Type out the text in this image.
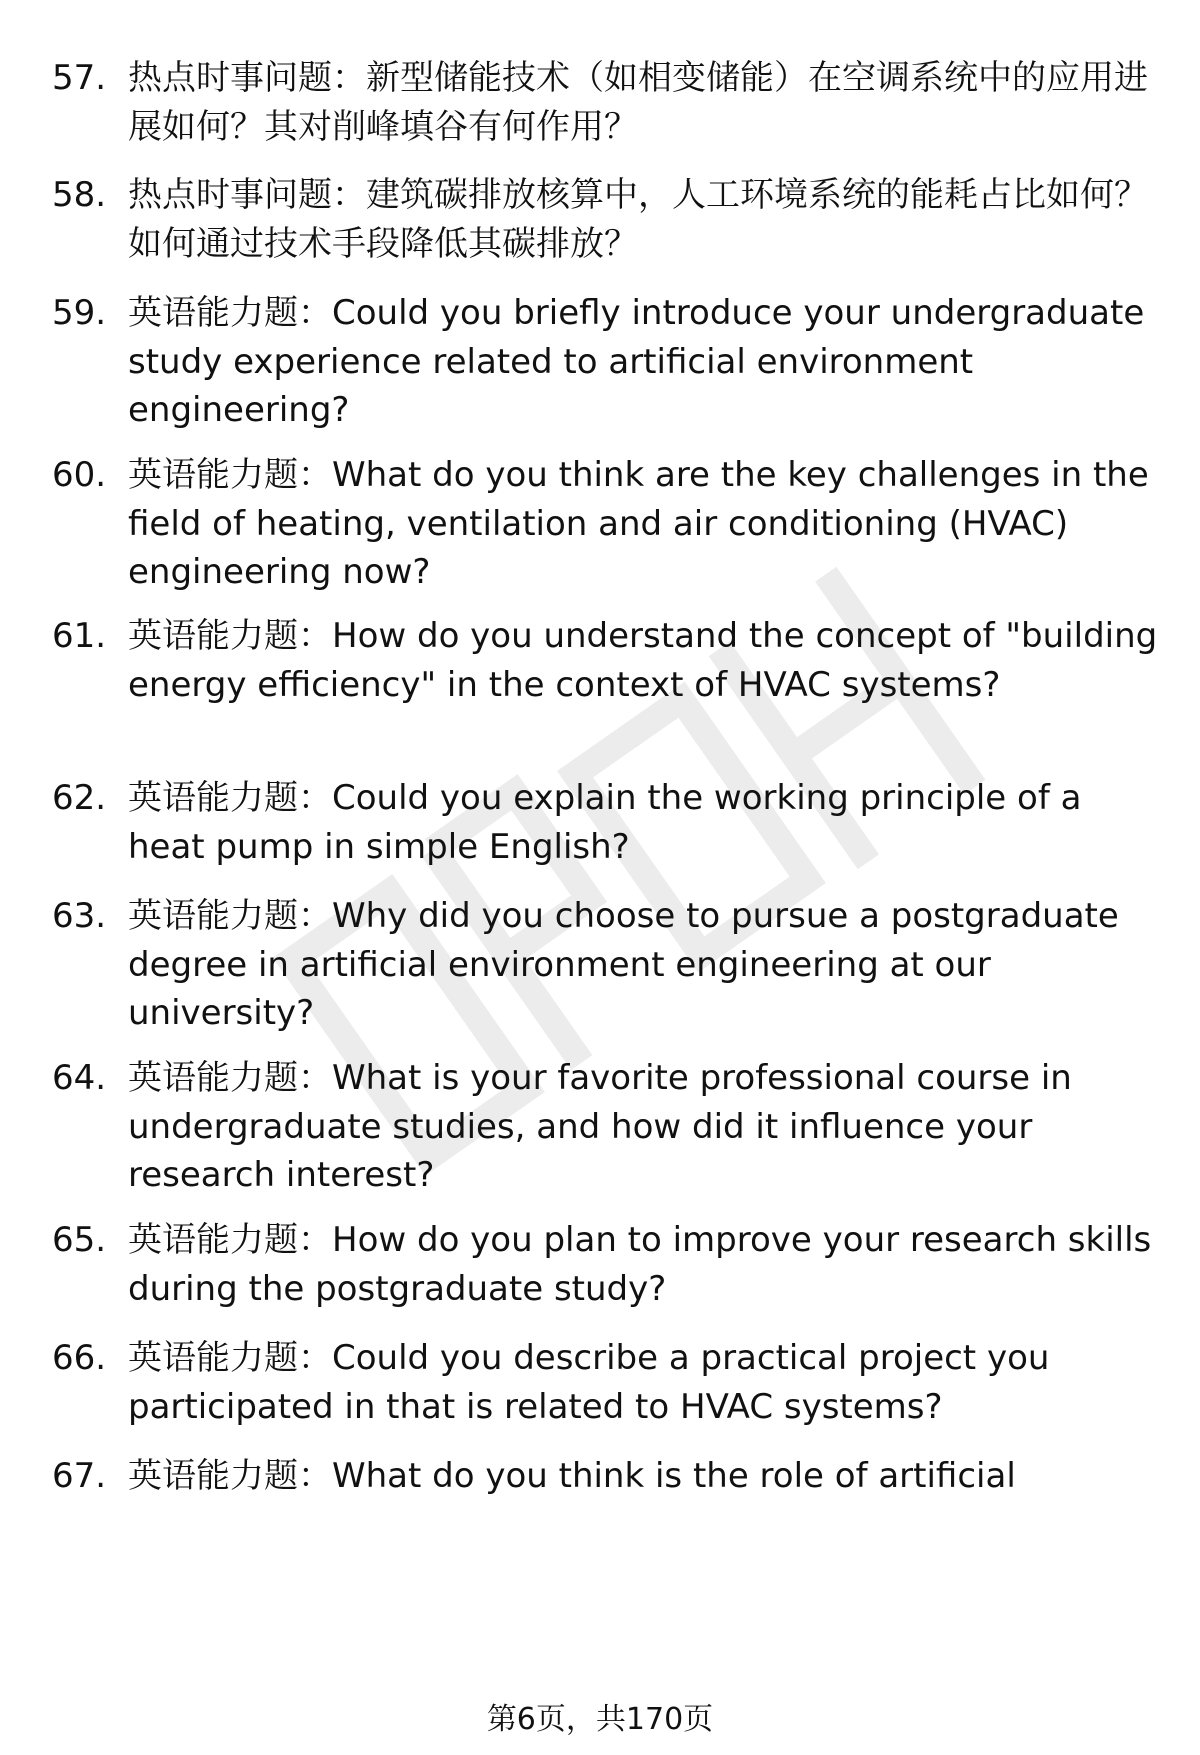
57. 热点时事问题：新型储能技术（如相变储能）在空调系统中的应用进展如何？其对削峰填谷有何作用？
58. 热点时事问题：建筑碳排放核算中，人工环境系统的能耗占比如何？如何通过技术手段降低其碳排放？
59. 英语能力题：Could you briefly introduce your undergraduate study experience related to artificial environment engineering?
60. 英语能力题：What do you think are the key challenges in the field of heating, ventilation and air conditioning (HVAC) engineering now?
61. 英语能力题：How do you understand the concept of "building energy efficiency" in the context of HVAC systems?
62. 英语能力题：Could you explain the working principle of a heat pump in simple English?
63. 英语能力题：Why did you choose to pursue a postgraduate degree in artificial environment engineering at our university?
64. 英语能力题：What is your favorite professional course in undergraduate studies, and how did it influence your research interest?
65. 英语能力题：How do you plan to improve your research skills during the postgraduate study?
66. 英语能力题：Could you describe a practical project you participated in that is related to HVAC systems?
67. 英语能力题：What do you think is the role of artificial
第6页，共170页
